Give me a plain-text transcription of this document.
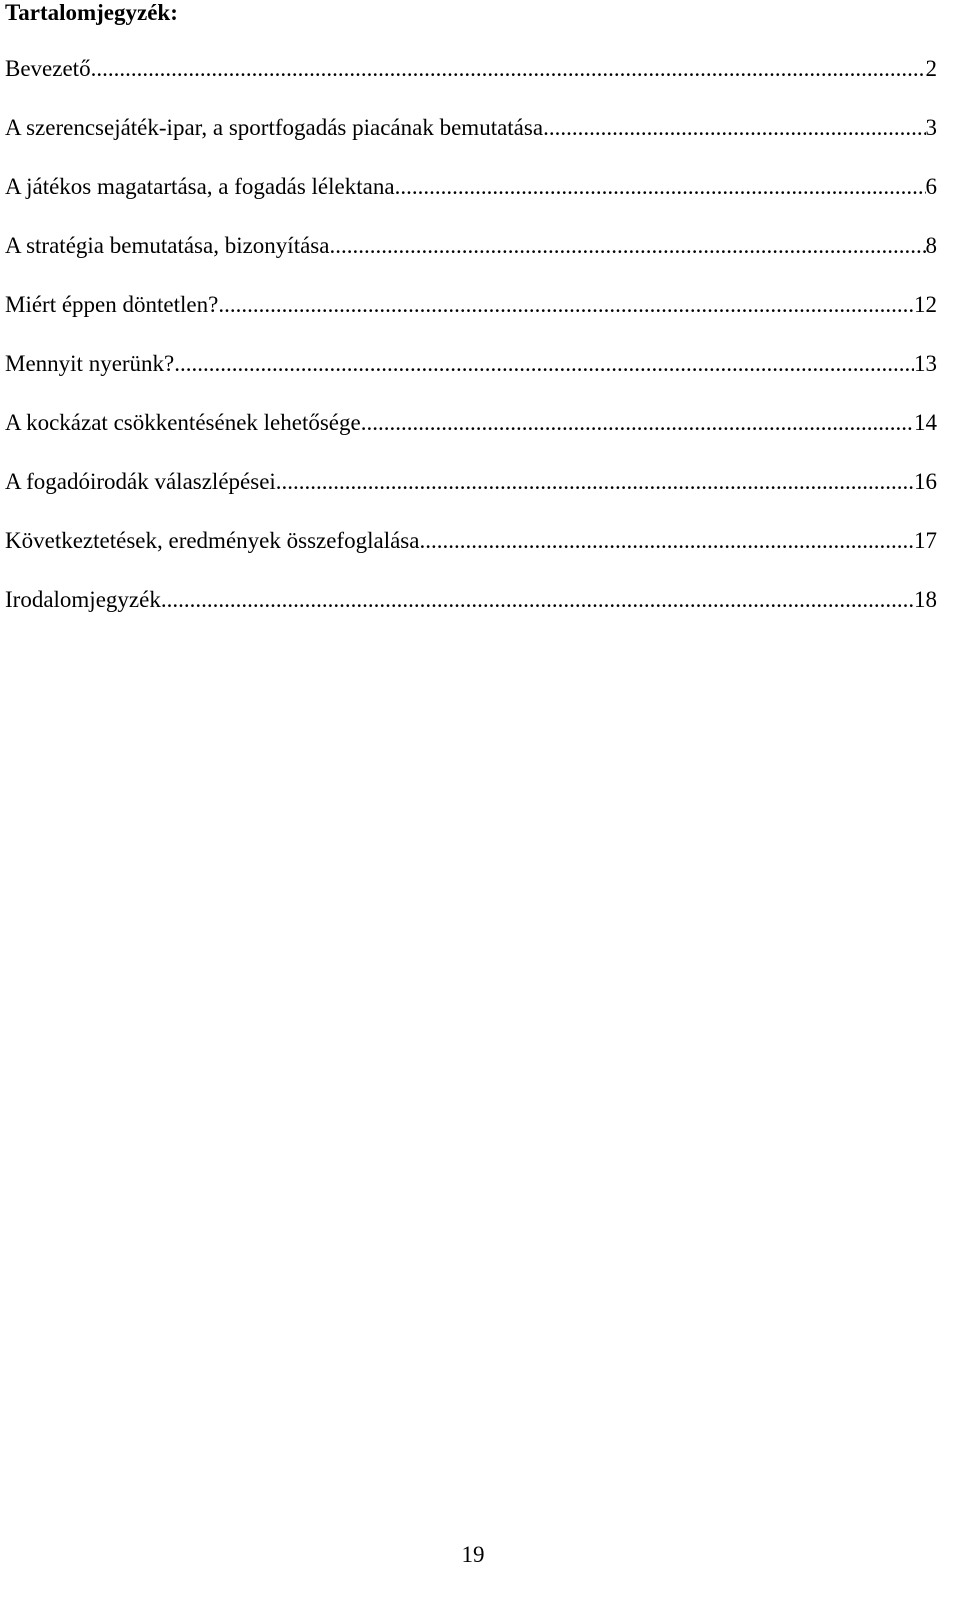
Tartalomjegyzék:
Bevezető .....	2
A szerencsejáték-ipar, a sportfogadás piacának bemutatása .....	3
A játékos magatartása, a fogadás lélektana .....	6
A stratégia bemutatása, bizonyítása .....	8
Miért éppen döntetlen? .....	12
Mennyit nyerünk? .....	13
A kockázat csökkentésének lehetősége .....	14
A fogadóirodák válaszlépései .....	16
Következtetések, eredmények összefoglalása .....	17
Irodalomjegyzék .....	18
19
